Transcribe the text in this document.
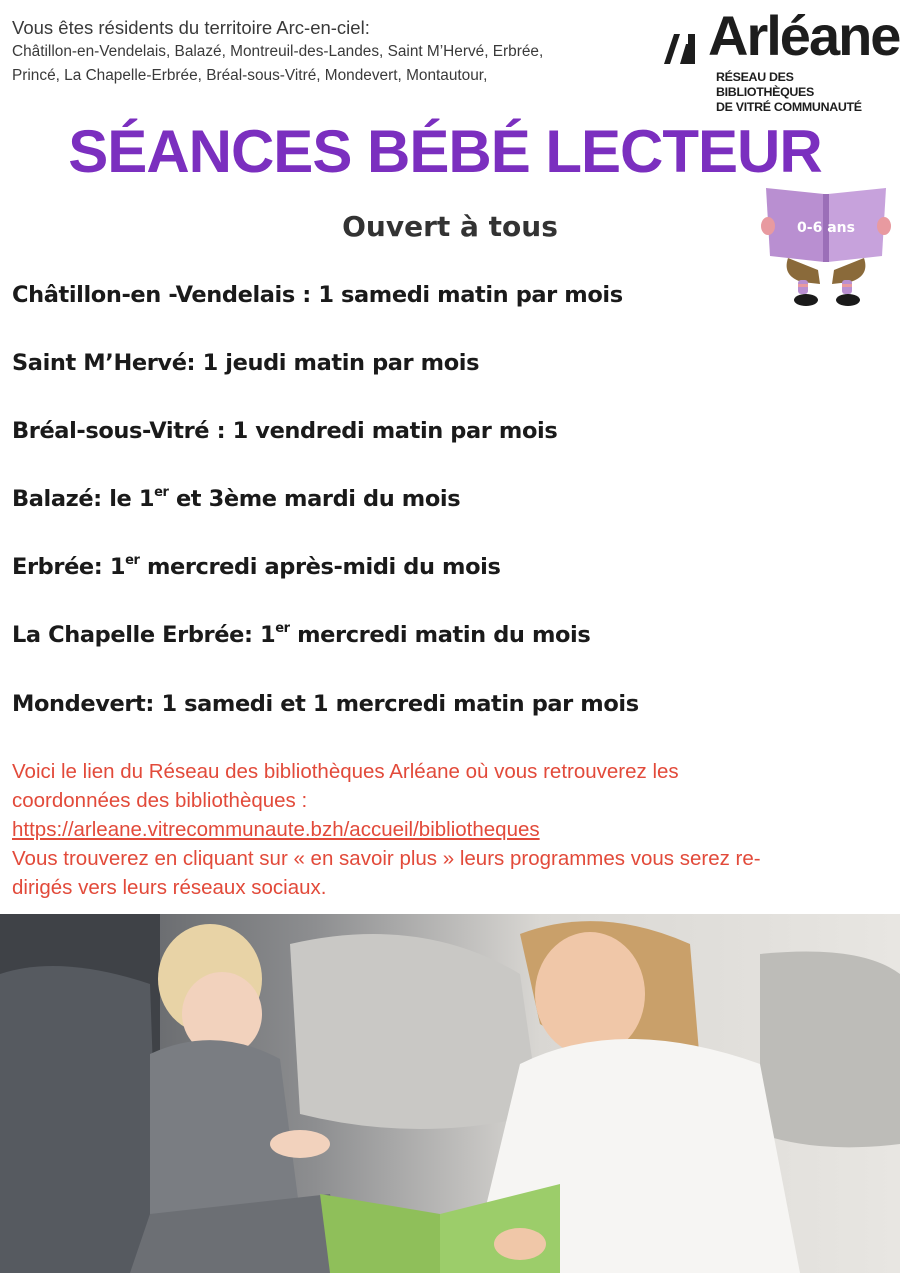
Vous êtes résidents du territoire Arc-en-ciel:
Châtillon-en-Vendelais, Balazé, Montreuil-des-Landes, Saint M’Hervé, Erbrée,
Princé, La Chapelle-Erbrée, Bréal-sous-Vitré, Mondevert, Montautour,
Arléane
RÉSEAU DES BIBLIOTHÈQUES
DE VITRÉ COMMUNAUTÉ
SÉANCES BÉBÉ LECTEUR
Ouvert à tous	0-6 ans
Châtillon-en -Vendelais : 1 samedi matin par mois
Saint M’Hervé: 1 jeudi matin par mois
Bréal-sous-Vitré : 1 vendredi matin par mois
Balazé: le 1er et 3ème mardi du mois
Erbrée: 1er mercredi après-midi du mois
La Chapelle Erbrée: 1er mercredi matin du mois
Mondevert: 1 samedi et 1 mercredi matin par mois
Voici le lien du Réseau des bibliothèques Arléane où vous retrouverez les
coordonnées des bibliothèques :
https://arleane.vitrecommunaute.bzh/accueil/bibliotheques
Vous trouverez en cliquant sur « en savoir plus » leurs programmes vous serez re-
dirigés vers leurs réseaux sociaux.
